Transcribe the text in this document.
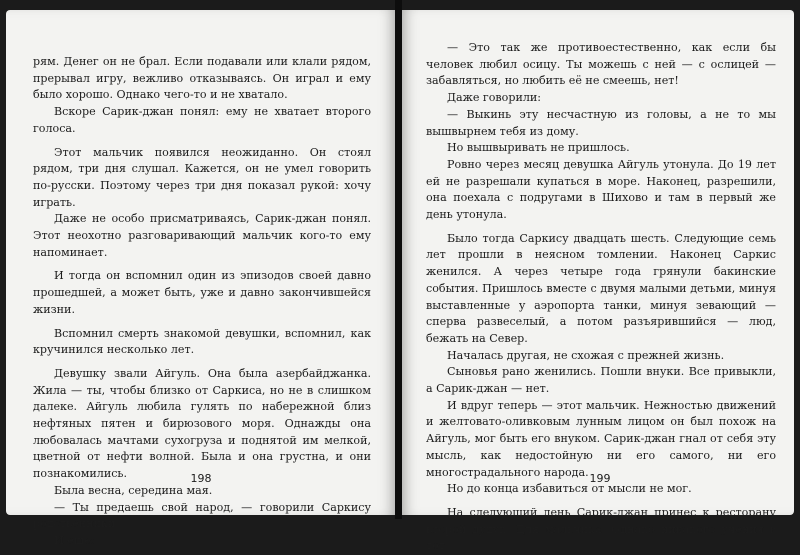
рям. Денег он не брал. Если подавали или клали рядом, прерывал игру, вежливо отказываясь. Он играл и ему было хорошо. Однако чего-то и не хватало.

Вскоре Сарик-джан понял: ему не хватает второго голоса.

Этот мальчик появился неожиданно. Он стоял рядом, три дня слушал. Кажется, он не умел говорить по-русски. Поэтому через три дня показал рукой: хочу играть.

Даже не особо присматриваясь, Сарик-джан понял. Этот неохотно разговаривающий мальчик кого-то ему напоминает.

И тогда он вспомнил один из эпизодов своей давно прошедшей, а может быть, уже и давно закончившейся жизни.

Вспомнил смерть знакомой девушки, вспомнил, как кручинился несколько лет.

Девушку звали Айгуль. Она была азербайджанка. Жила — ты, чтобы близко от Саркиса, но не в слишком далеке. Айгуль любила гулять по набережной близ нефтяных пятен и бирюзового моря. Однажды она любовалась мачтами сухогруза и поднятой им мелкой, цветной от нефти волной. Была и она грустна, и они познакомились.

Была весна, середина мая.

— Ты предаешь свой народ, — говорили Саркису родственники.

И еще:

198

— Это так же противоестественно, как если бы человек любил осицу. Ты можешь с ней — с ослицей — забавляться, но любить её не смеешь, нет!

Даже говорили:

— Выкинь эту несчастную из головы, а не то мы вышвырнем тебя из дому.

Но вышвыривать не пришлось.

Ровно через месяц девушка Айгуль утонула. До 19 лет ей не разрешали купаться в море. Наконец, разрешили, она поехала с подругами в Шихово и там в первый же день утонула.

Было тогда Саркису двадцать шесть. Следующие семь лет прошли в неясном томлении. Наконец Саркис женился. А через четыре года грянули бакинские события. Пришлось вместе с двумя малыми детьми, минуя выставленные у аэропорта танки, минуя зевающий — сперва развеселый, а потом разъярившийся — люд, бежать на Север.

Началась другая, не схожая с прежней жизнь.

Сыновья рано женились. Пошли внуки. Все привыкли, а Сарик-джан — нет.

И вдруг теперь — этот мальчик. Нежностью движений и желтовато-оливковым лунным лицом он был похож на Айгуль, мог быть его внуком. Сарик-джан гнал от себя эту мысль, как недостойную ни его самого, ни его многострадального народа.

Но до конца избавиться от мысли не мог.

На следующий день Сарик-джан принес к ресторану второй дудук. Для мальчика. Однако никакого учения в тот

199
